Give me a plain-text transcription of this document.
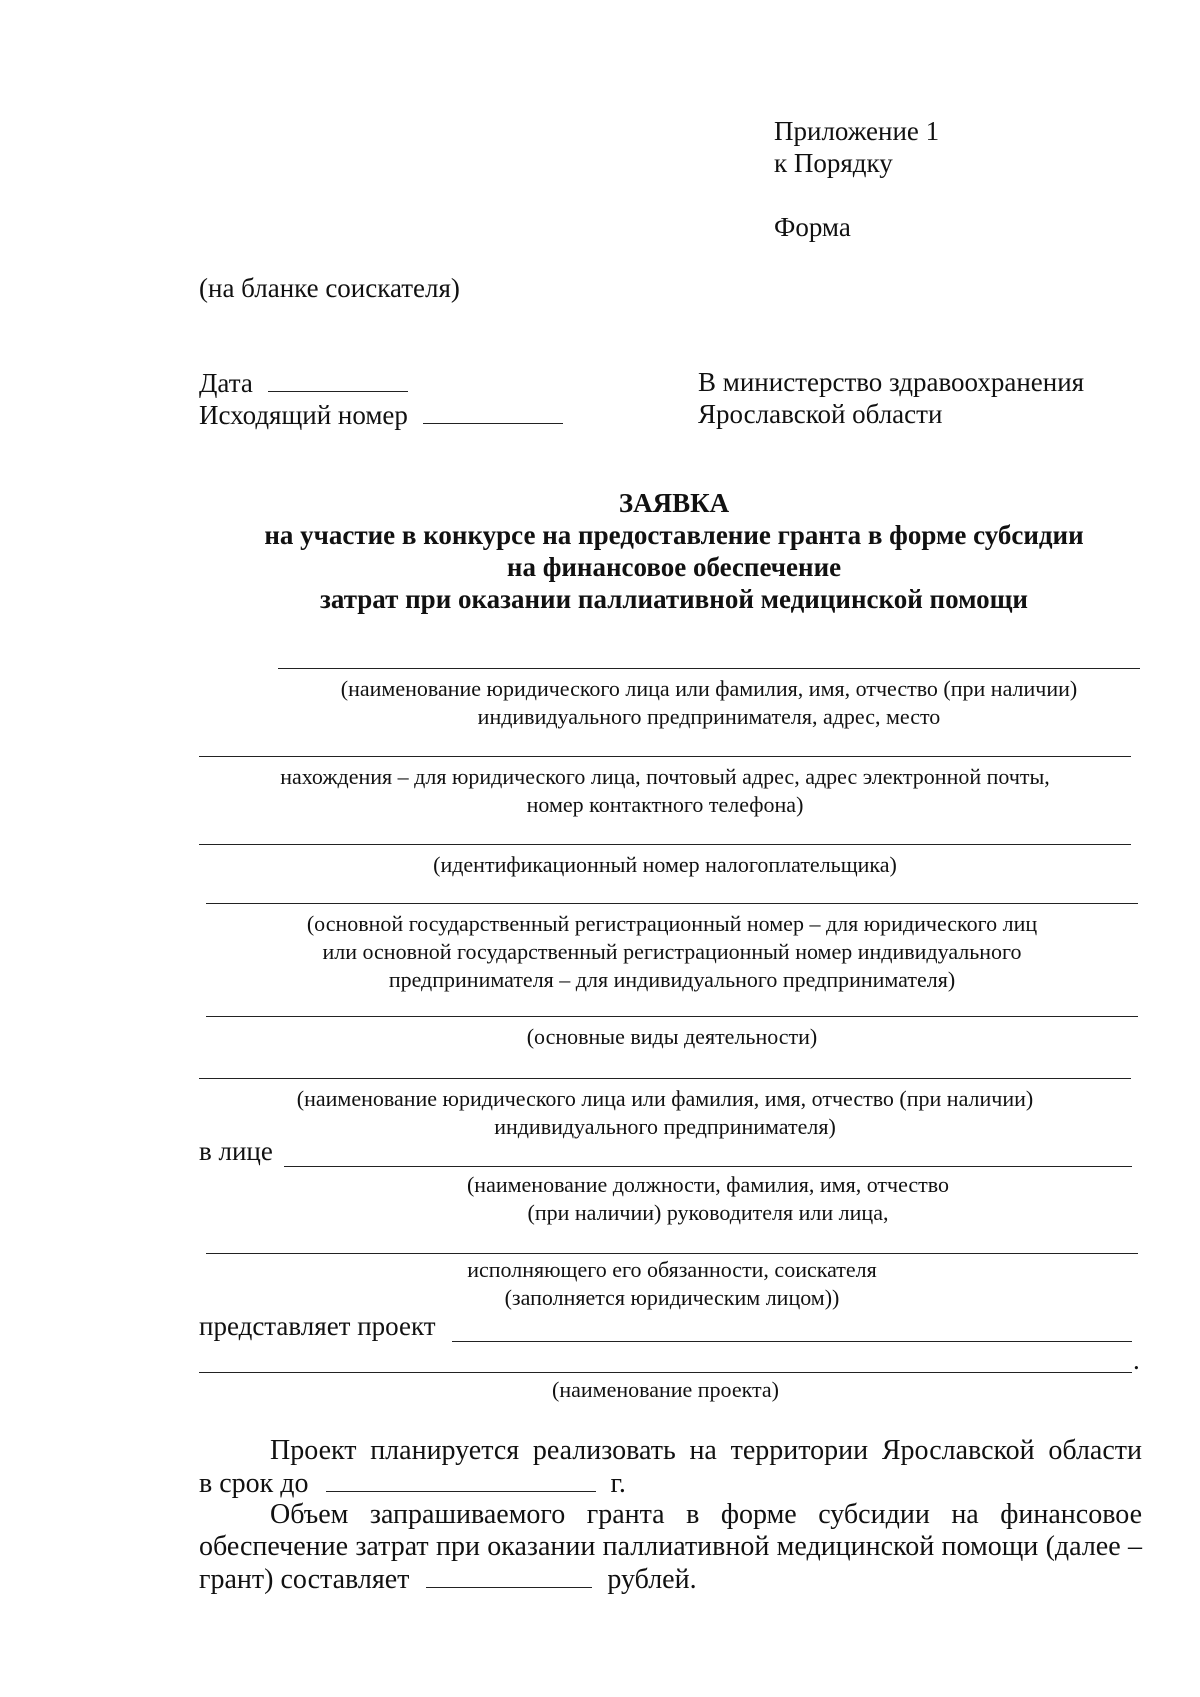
Приложение 1
к Порядку
Форма
(на бланке соискателя)
Дата
Исходящий номер
В министерство здравоохранения
Ярославской области
ЗАЯВКА
на участие в конкурсе на предоставление гранта в форме субсидии
на финансовое обеспечение
затрат при оказании паллиативной медицинской помощи
(наименование юридического лица или фамилия, имя, отчество (при наличии)
индивидуального предпринимателя, адрес, место
нахождения – для юридического лица, почтовый адрес, адрес электронной почты,
номер контактного телефона)
(идентификационный номер налогоплательщика)
(основной государственный регистрационный номер – для юридического лиц
или основной государственный регистрационный номер индивидуального
предпринимателя – для индивидуального предпринимателя)
(основные виды деятельности)
(наименование юридического лица или фамилия, имя, отчество (при наличии)
индивидуального предпринимателя)
в лице
(наименование должности, фамилия, имя, отчество
(при наличии) руководителя или лица,
исполняющего его обязанности, соискателя
(заполняется юридическим лицом))
представляет проект
.
(наименование проекта)
Проект планируется реализовать на территории Ярославской области
в срок до	г.
Объем запрашиваемого гранта в форме субсидии на финансовое
обеспечение затрат при оказании паллиативной медицинской помощи (далее –
грант) составляет	рублей.
